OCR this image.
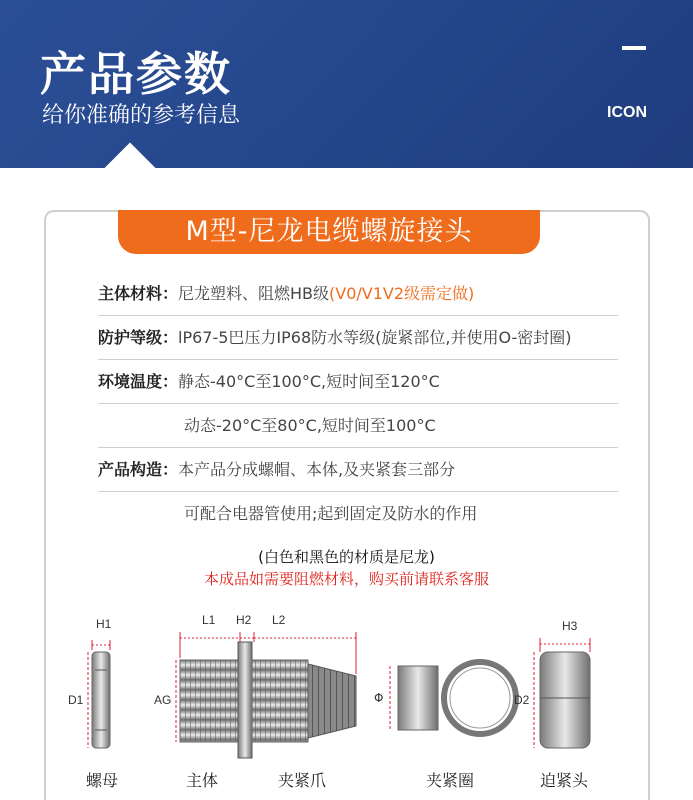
产品参数
给你准确的参考信息	ICON
M型-尼龙电缆螺旋接头
主体材料：尼龙塑料、阻燃HB级(V0/V1V2级需定做)
防护等级：lP67-5巴压力IP68防水等级(旋紧部位,并使用O-密封圈)
环境温度：静态-40°C至100°C,短时间至120°C
动态-20°C至80°C,短时间至100°C
产品构造：本产品分成螺帽、本体,及夹紧套三部分
可配合电器管使用;起到固定及防水的作用
(白色和黑色的材质是尼龙)
本成品如需要阻燃材料，购买前请联系客服
H1
D1
L1 H2 L2
AG	Φ
H3
D2
螺母	主体	夹紧爪	夹紧圈	迫紧头
